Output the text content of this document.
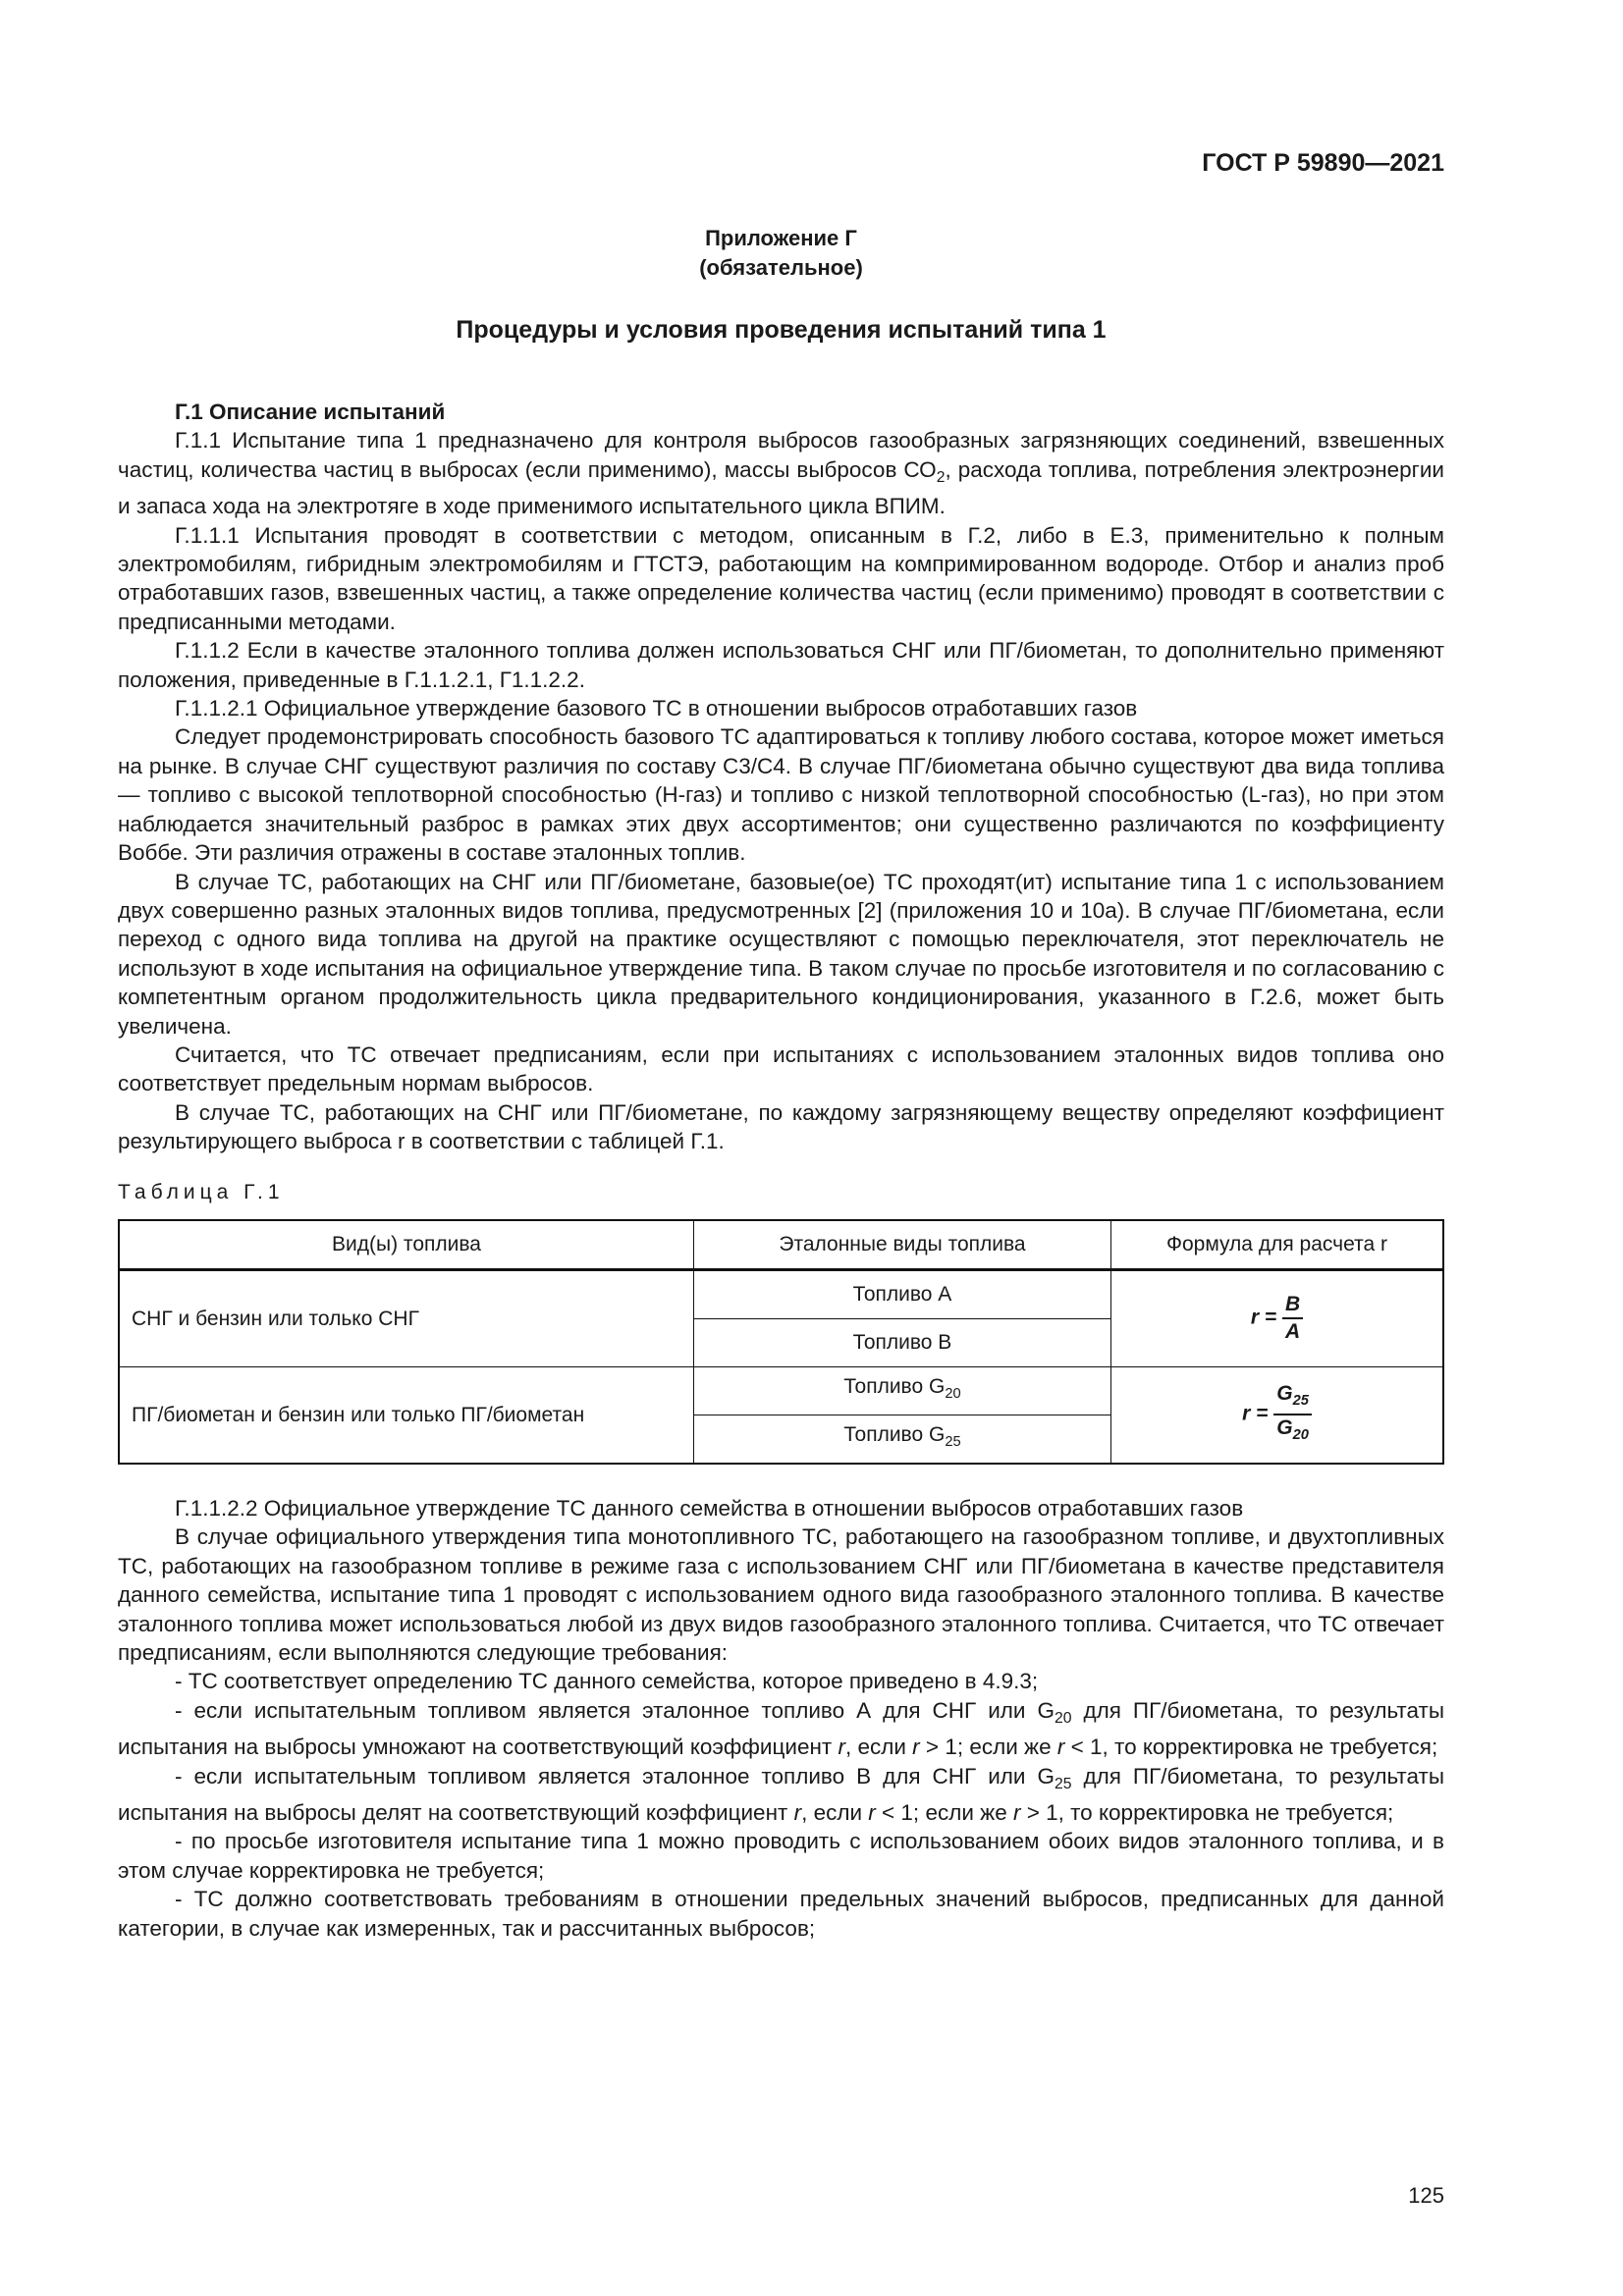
ГОСТ Р 59890—2021
Приложение Г
(обязательное)
Процедуры и условия проведения испытаний типа 1

Г.1 Описание испытаний

Г.1.1 Испытание типа 1 предназначено для контроля выбросов газообразных загрязняющих соединений, взвешенных частиц, количества частиц в выбросах (если применимо), массы выбросов $СО_2$, расхода топлива, потребления электроэнергии и запаса хода на электротяге в ходе применимого испытательного цикла ВПИМ.

Г.1.1.1 Испытания проводят в соответствии с методом, описанным в Г.2, либо в Е.3, применительно к полным электромобилям, гибридным электромобилям и ГТСТЭ, работающим на компримированном водороде. Отбор и анализ проб отработавших газов, взвешенных частиц, а также определение количества частиц (если применимо) проводят в соответствии с предписанными методами.

Г.1.1.2 Если в качестве эталонного топлива должен использоваться СНГ или ПГ/биометан, то дополнительно применяют положения, приведенные в Г.1.1.2.1, Г1.1.2.2.

Г.1.1.2.1 Официальное утверждение базового ТС в отношении выбросов отработавших газов

Следует продемонстрировать способность базового ТС адаптироваться к топливу любого состава, которое может иметься на рынке. В случае СНГ существуют различия по составу С3/С4. В случае ПГ/биометана обычно существуют два вида топлива — топливо с высокой теплотворной способностью (Н-газ) и топливо с низкой теплотворной способностью (L-газ), но при этом наблюдается значительный разброс в рамках этих двух ассортиментов; они существенно различаются по коэффициенту Воббе. Эти различия отражены в составе эталонных топлив.

В случае ТС, работающих на СНГ или ПГ/биометане, базовые(ое) ТС проходят(ит) испытание типа 1 с использованием двух совершенно разных эталонных видов топлива, предусмотренных [2] (приложения 10 и 10а). В случае ПГ/биометана, если переход с одного вида топлива на другой на практике осуществляют с помощью переключателя, этот переключатель не используют в ходе испытания на официальное утверждение типа. В таком случае по просьбе изготовителя и по согласованию с компетентным органом продолжительность цикла предварительного кондиционирования, указанного в Г.2.6, может быть увеличена.

Считается, что ТС отвечает предписаниям, если при испытаниях с использованием эталонных видов топлива оно соответствует предельным нормам выбросов.

В случае ТС, работающих на СНГ или ПГ/биометане, по каждому загрязняющему веществу определяют коэффициент результирующего выброса r в соответствии с таблицей Г.1.

Таблица Г.1
Вид(ы) топлива	Эталонные виды топлива	Формула для расчета r
СНГ и бензин или только СНГ	Топливо А	$r = \frac{B}{A}$

	Топливо В	
ПГ/биометан и бензин или только ПГ/биометан	Топливо $G_{20}$	$r = \frac{G_{25}}{G_{20}}$

	Топливо $G_{25}$

Г.1.1.2.2 Официальное утверждение ТС данного семейства в отношении выбросов отработавших газов

В случае официального утверждения типа монотопливного ТС, работающего на газообразном топливе, и двухтопливных ТС, работающих на газообразном топливе в режиме газа с использованием СНГ или ПГ/биометана в качестве представителя данного семейства, испытание типа 1 проводят с использованием одного вида газообразного эталонного топлива. В качестве эталонного топлива может использоваться любой из двух видов газообразного эталонного топлива. Считается, что ТС отвечает предписаниям, если выполняются следующие требования:

- ТС соответствует определению ТС данного семейства, которое приведено в 4.9.3;

- если испытательным топливом является эталонное топливо А для СНГ или $G_{20}$ для ПГ/биометана, то результаты испытания на выбросы умножают на соответствующий коэффициент r, если r > 1; если же r < 1, то корректировка не требуется;

- если испытательным топливом является эталонное топливо В для СНГ или $G_{25}$ для ПГ/биометана, то результаты испытания на выбросы делят на соответствующий коэффициент r, если r < 1; если же r > 1, то корректировка не требуется;

- по просьбе изготовителя испытание типа 1 можно проводить с использованием обоих видов эталонного топлива, и в этом случае корректировка не требуется;

- ТС должно соответствовать требованиям в отношении предельных значений выбросов, предписанных для данной категории, в случае как измеренных, так и рассчитанных выбросов;

125
